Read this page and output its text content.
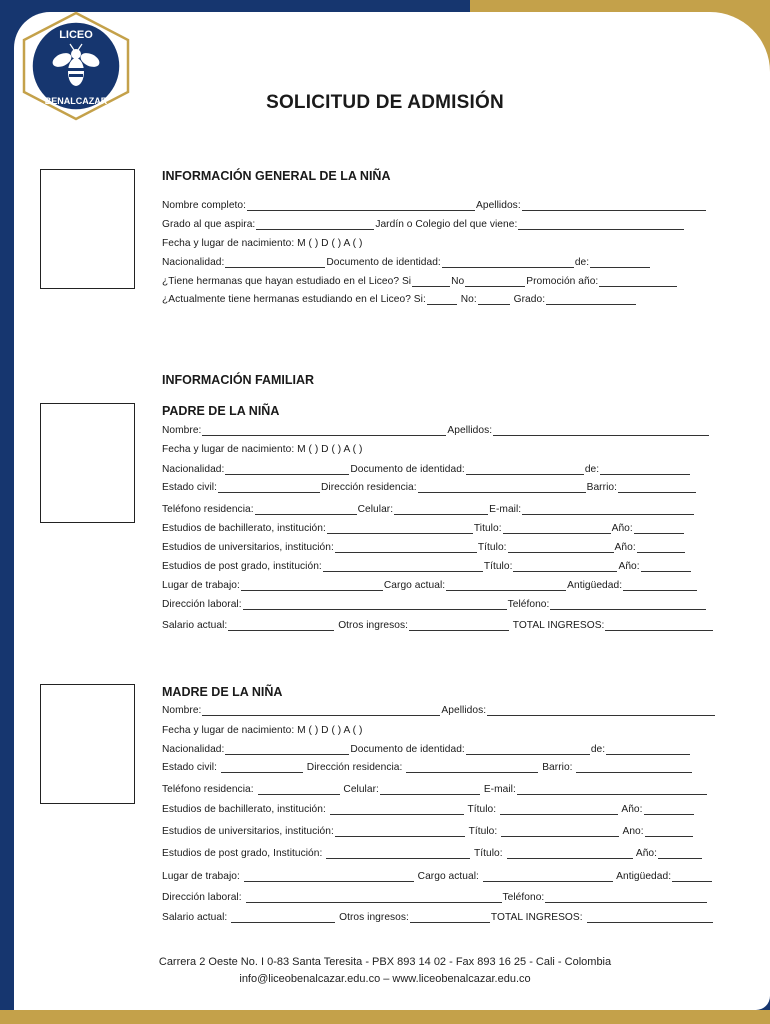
LICEO
BENALCAZAR	SOLICITUD DE ADMISIÓN
INFORMACIÓN GENERAL DE LA NIÑA
Nombre completo:	Apellidos:
Grado al que aspira:	Jardín o Colegio del que viene:
Fecha y lugar de nacimiento: M ( ) D ( ) A ( )
Nacionalidad:	Documento de identidad:	de:
¿Tiene hermanas que hayan estudiado en el Liceo? Si	No	Promoción año:
¿Actualmente tiene hermanas estudiando en el Liceo? Si:	No:	Grado:
INFORMACIÓN FAMILIAR
PADRE DE LA NIÑA
Nombre:	Apellidos:
Fecha y lugar de nacimiento: M ( ) D ( ) A ( )
Nacionalidad:	Documento de identidad:	de:
Estado civil:	Dirección residencia:	Barrio:
Teléfono residencia:	Celular:	E-mail:
Estudios de bachillerato, institución:	Titulo:	Año:
Estudios de universitarios, institución:	Título:	Año:
Estudios de post grado, institución:	Título:	Año:
Lugar de trabajo:	Cargo actual:	Antigüedad:
Dirección laboral:	Teléfono:
Salario actual:	Otros ingresos:	TOTAL INGRESOS:
MADRE DE LA NIÑA
Nombre:	Apellidos:
Fecha y lugar de nacimiento: M ( ) D ( ) A ( )
Nacionalidad:	Documento de identidad:	de:
Estado civil:	Dirección residencia:	Barrio:
Teléfono residencia:	Celular:	E-mail:
Estudios de bachillerato, institución:	Título:	Año:
Estudios de universitarios, institución:	Título:	Ano:
Estudios de post grado, Institución:	Título:	Año:
Lugar de trabajo:	Cargo actual:	Antigüedad:
Dirección laboral:	Teléfono:
Salario actual:	Otros ingresos:	TOTAL INGRESOS:
Carrera 2 Oeste No. I 0-83 Santa Teresita - PBX 893 14 02 - Fax 893 16 25 - Cali - Colombia
info@liceobenalcazar.edu.co – www.liceobenalcazar.edu.co
